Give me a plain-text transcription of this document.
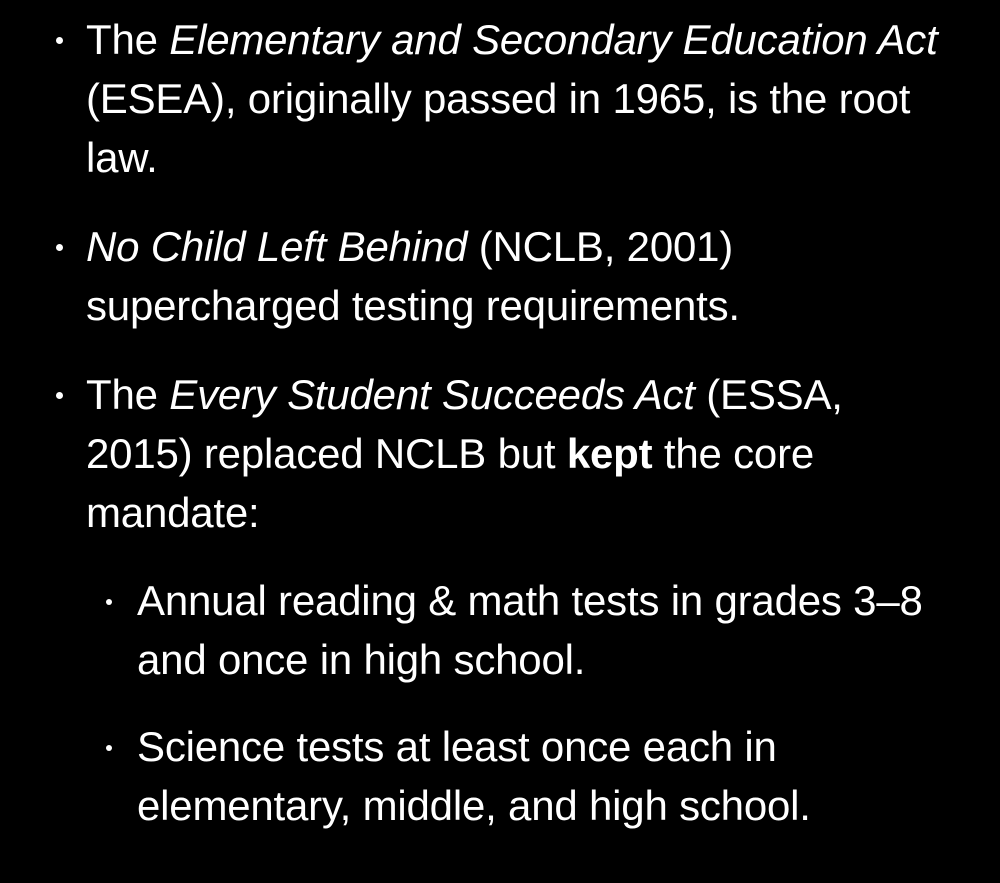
The Elementary and Secondary Education Act (ESEA), originally passed in 1965, is the root law.
No Child Left Behind (NCLB, 2001) supercharged testing requirements.
The Every Student Succeeds Act (ESSA, 2015) replaced NCLB but kept the core mandate:
Annual reading & math tests in grades 3–8 and once in high school.
Science tests at least once each in elementary, middle, and high school.
